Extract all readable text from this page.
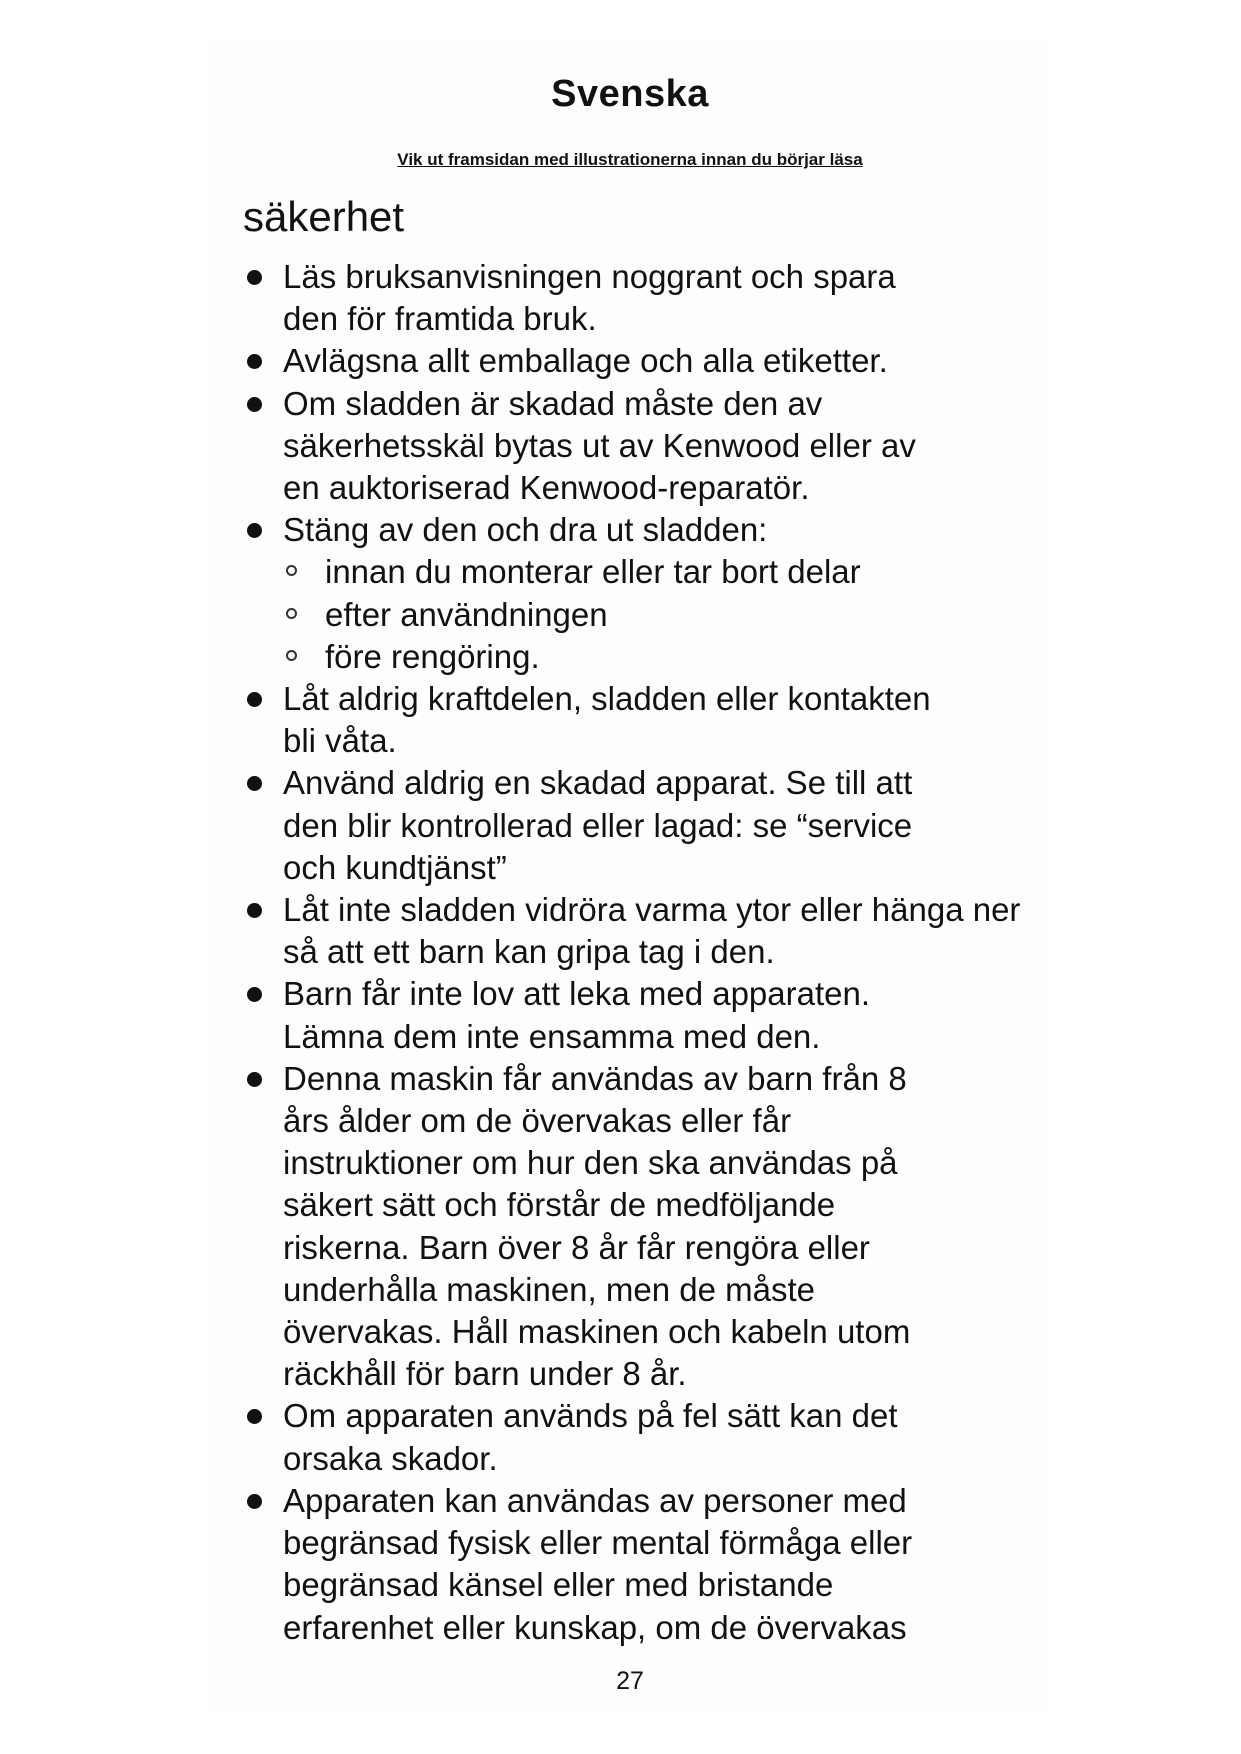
Svenska
Vik ut framsidan med illustrationerna innan du börjar läsa
säkerhet
Läs bruksanvisningen noggrant och spara den för framtida bruk.
Avlägsna allt emballage och alla etiketter.
Om sladden är skadad måste den av säkerhetsskäl bytas ut av Kenwood eller av en auktoriserad Kenwood-reparatör.
Stäng av den och dra ut sladden:
innan du monterar eller tar bort delar
efter användningen
före rengöring.
Låt aldrig kraftdelen, sladden eller kontakten bli våta.
Använd aldrig en skadad apparat. Se till att den blir kontrollerad eller lagad: se “service och kundtjänst”
Låt inte sladden vidröra varma ytor eller hänga ner så att ett barn kan gripa tag i den.
Barn får inte lov att leka med apparaten. Lämna dem inte ensamma med den.
Denna maskin får användas av barn från 8 års ålder om de övervakas eller får instruktioner om hur den ska användas på säkert sätt och förstår de medföljande riskerna. Barn över 8 år får rengöra eller underhålla maskinen, men de måste övervakas. Håll maskinen och kabeln utom räckhåll för barn under 8 år.
Om apparaten används på fel sätt kan det orsaka skador.
Apparaten kan användas av personer med begränsad fysisk eller mental förmåga eller begränsad känsel eller med bristande erfarenhet eller kunskap, om de övervakas
27
